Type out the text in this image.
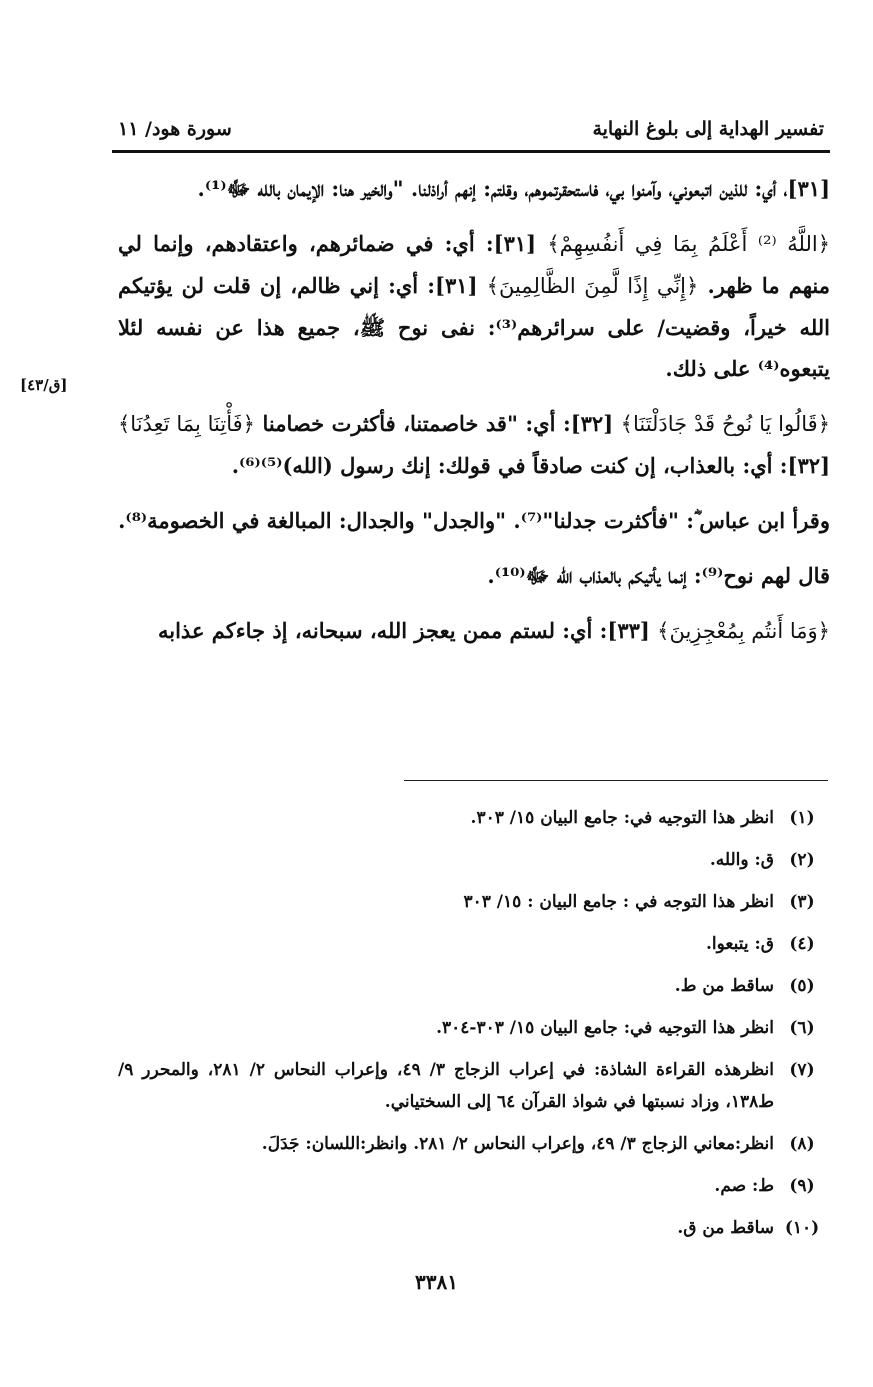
تفسير الهداية إلى بلوغ النهاية
سورة هود/ ١١
[ق/٤٣]

[٣١]، أي: للذين اتبعوني، وآمنوا بي، فاستحقرتموهم، وقلتم: إنهم أراذلنا. "والخير هنا: الإيمان بالله ﷻ⁽¹⁾.

﴿اللَّهُ ⁽²⁾ أَعْلَمُ بِمَا فِي أَنفُسِهِمْ﴾ [٣١]: أي: في ضمائرهم، واعتقادهم، وإنما لي منهم ما ظهر. ﴿إِنِّي إِذًا لَّمِنَ الظَّالِمِينَ﴾ [٣١]: أي: إني ظالم، إن قلت لن يؤتيكم الله خيراً، وقضيت/ على سرائرهم⁽³⁾: نفى نوح ﷺ، جميع هذا عن نفسه لئلا يتبعوه⁽⁴⁾ على ذلك.

﴿قَالُوا يَا نُوحُ قَدْ جَادَلْتَنَا﴾ [٣٢]: أي: "قد خاصمتنا، فأكثرت خصامنا ﴿فَأْتِنَا بِمَا تَعِدُنَا﴾ [٣٢]: أي: بالعذاب، إن كنت صادقاً في قولك: إنك رسول (الله)⁽⁵⁾⁽⁶⁾.

وقرأ ابن عباس ؓ: "فأكثرت جدلنا"⁽⁷⁾. "والجدل" والجدال: المبالغة في الخصومة⁽⁸⁾.

قال لهم نوح⁽⁹⁾: إنما يأتيكم بالعذاب الله ﷻ⁽¹⁰⁾.

﴿وَمَا أَنتُم بِمُعْجِزِينَ﴾ [٣٣]: أي: لستم ممن يعجز الله، سبحانه، إذ جاءكم عذابه

(١)
انظر هذا التوجيه في: جامع البيان ١٥/ ٣٠٣.
(٢)
ق: والله.
(٣)
انظر هذا التوجه في : جامع البيان : ١٥/ ٣٠٣
(٤)
ق: يتبعوا.
(٥)
ساقط من ط.
(٦)
انظر هذا التوجيه في: جامع البيان ١٥/ ٣٠٣-٣٠٤.
(٧)
انظرهذه القراءة الشاذة: في إعراب الزجاج ٣/ ٤٩، وإعراب النحاس ٢/ ٢٨١، والمحرر ٩/ ط١٣٨، وزاد نسبتها في شواذ القرآن ٦٤ إلى السختياني.
(٨)
انظر:معاني الزجاج ٣/ ٤٩، وإعراب النحاس ٢/ ٢٨١. وانظر:اللسان: جَدَلَ.
(٩)
ط: صم.
(١٠)
ساقط من ق.
٣٣٨١
